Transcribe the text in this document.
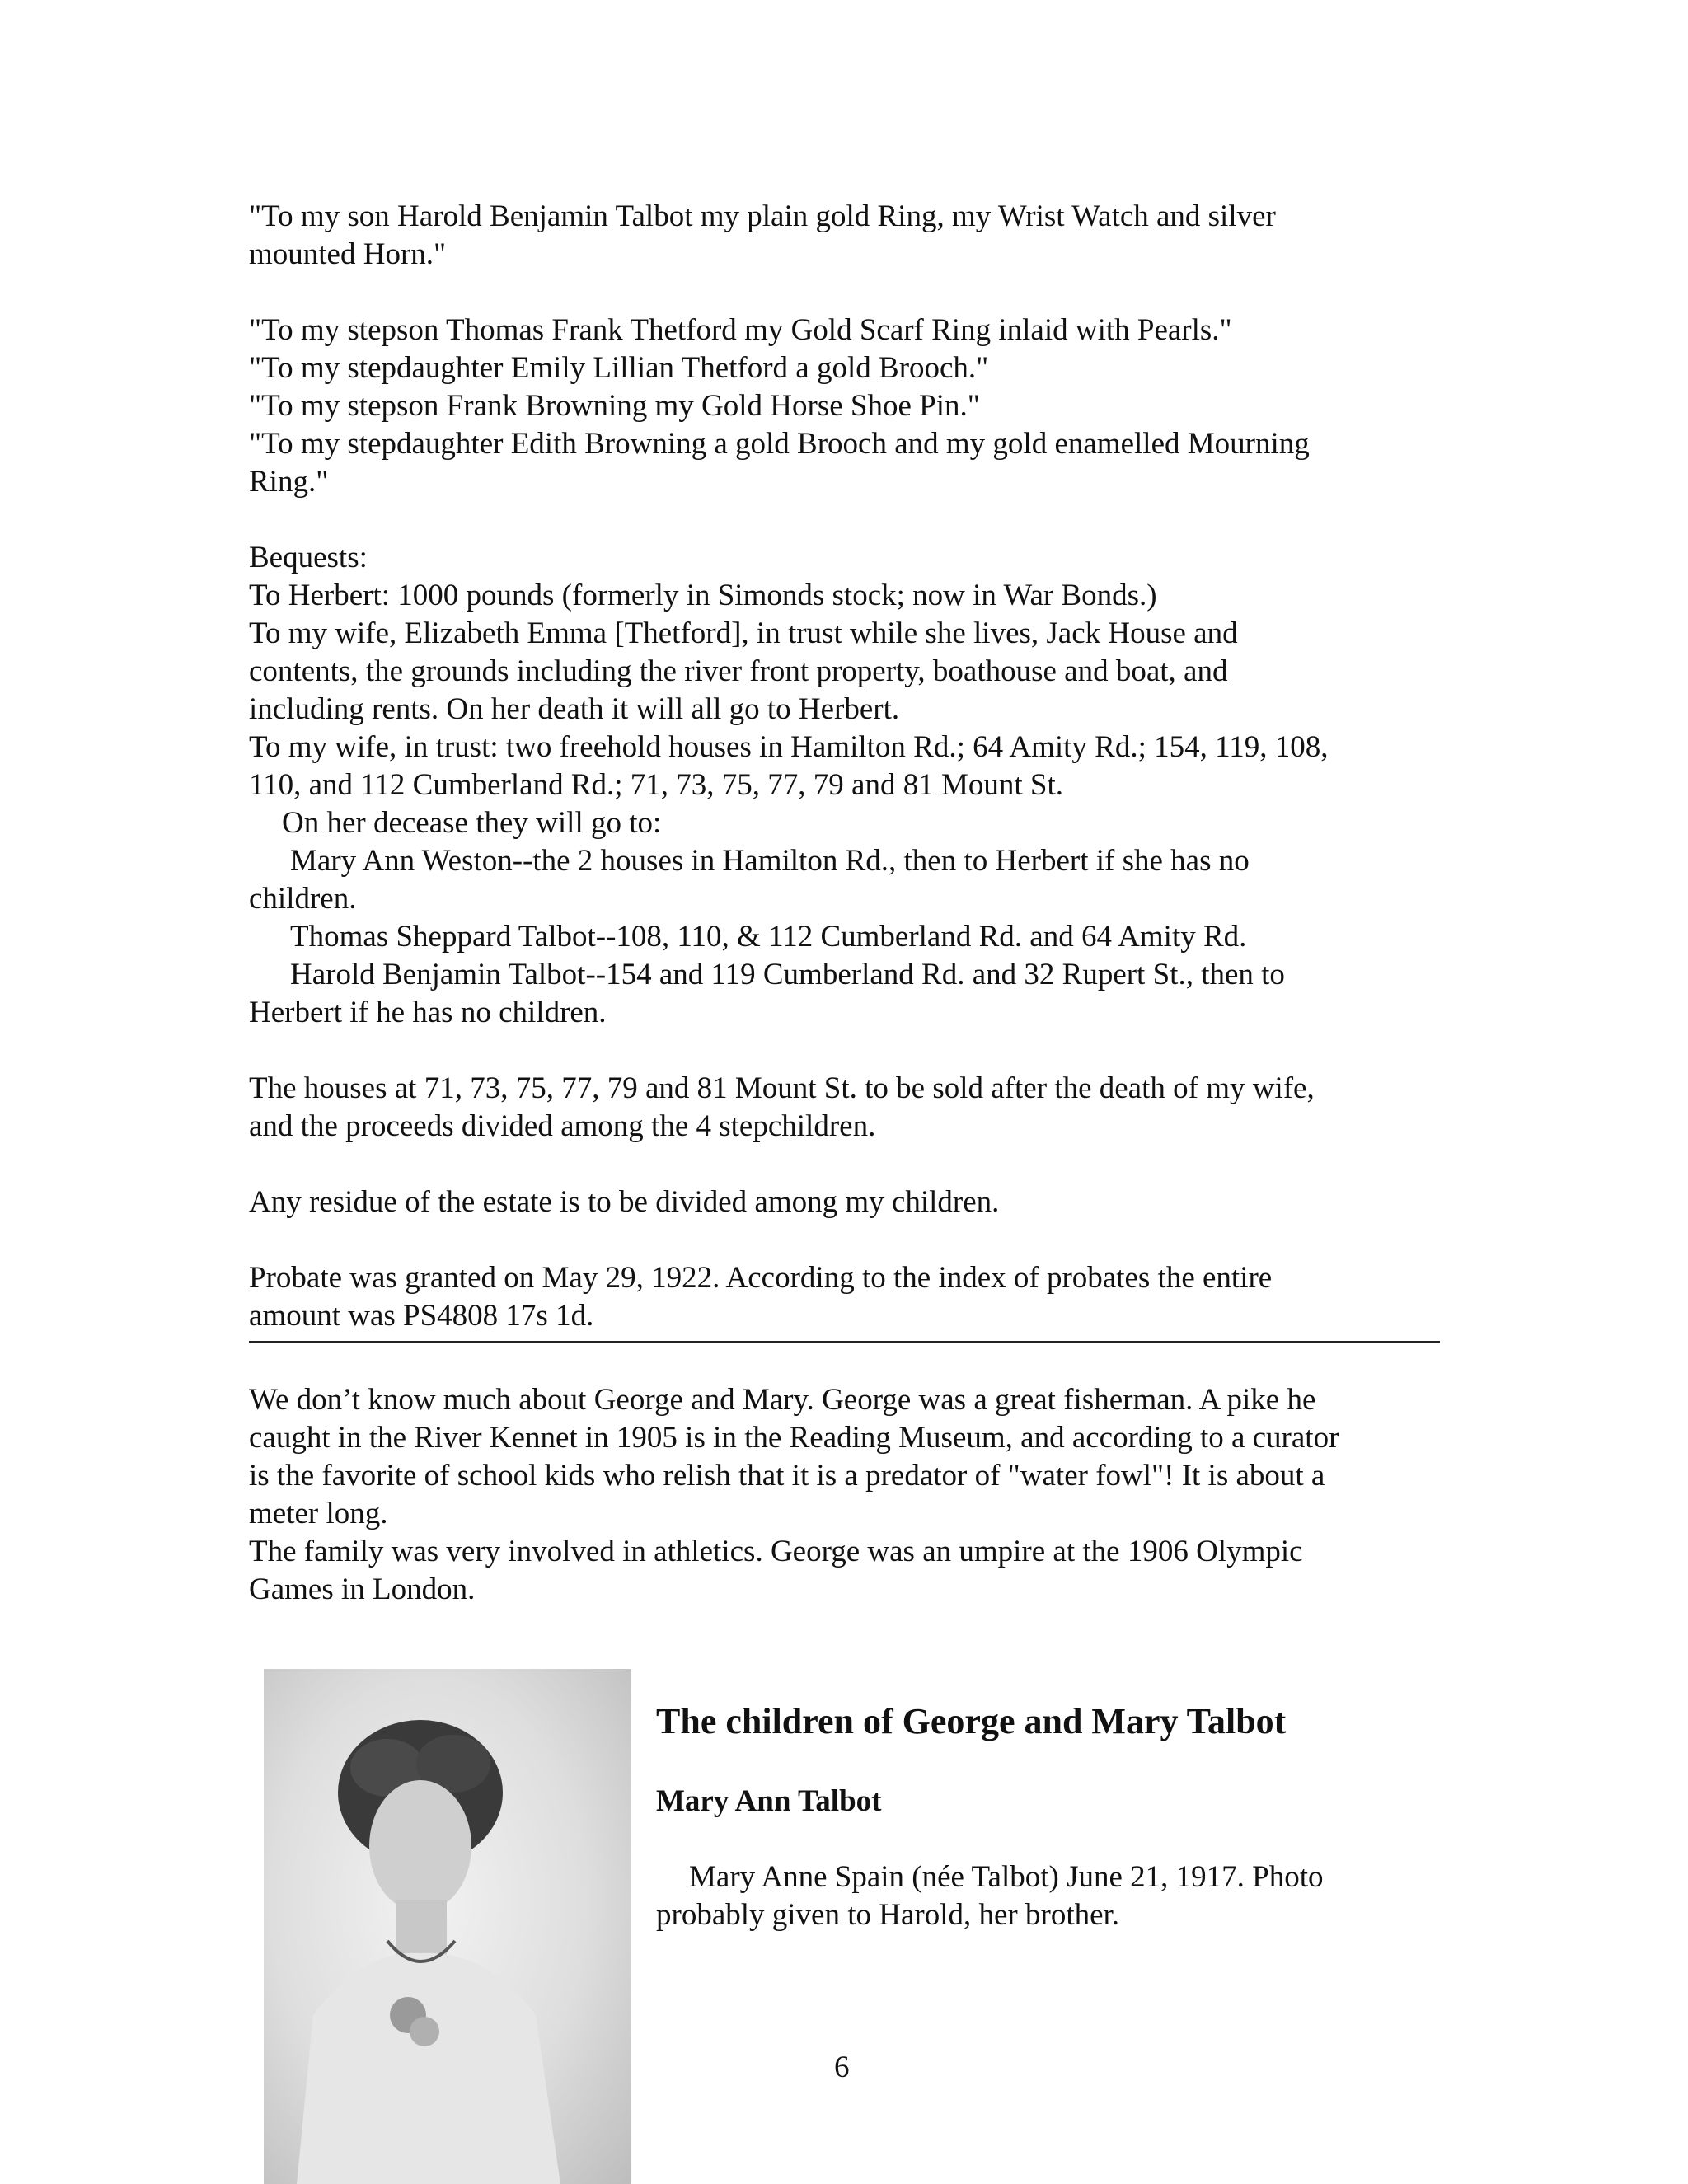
"To my son Harold Benjamin Talbot my plain gold Ring, my Wrist Watch and silver

mounted Horn."

"To my stepson Thomas Frank Thetford my Gold Scarf Ring inlaid with Pearls."

"To my stepdaughter Emily Lillian Thetford a gold Brooch."

"To my stepson Frank Browning my Gold Horse Shoe Pin."

"To my stepdaughter Edith Browning a gold Brooch and my gold enamelled Mourning

Ring."

Bequests:

To Herbert: 1000 pounds (formerly in Simonds stock; now in War Bonds.)

To my wife, Elizabeth Emma [Thetford], in trust while she lives, Jack House and

contents, the grounds including the river front property, boathouse and boat, and

including rents. On her death it will all go to Herbert.

To my wife, in trust: two freehold houses in Hamilton Rd.; 64 Amity Rd.; 154, 119, 108,

110, and 112 Cumberland Rd.; 71, 73, 75, 77, 79 and 81 Mount St.

On her decease they will go to:

Mary Ann Weston--the 2 houses in Hamilton Rd., then to Herbert if she has no

children.

Thomas Sheppard Talbot--108, 110, & 112 Cumberland Rd. and 64 Amity Rd.

Harold Benjamin Talbot--154 and 119 Cumberland Rd. and 32 Rupert St., then to

Herbert if he has no children.

The houses at 71, 73, 75, 77, 79 and 81 Mount St. to be sold after the death of my wife,

and the proceeds divided among the 4 stepchildren.

Any residue of the estate is to be divided among my children.

Probate was granted on May 29, 1922. According to the index of probates the entire

amount was PS4808 17s 1d.

We don’t know much about George and Mary. George was a great fisherman. A pike he

caught in the River Kennet in 1905 is in the Reading Museum, and according to a curator

is the favorite of school kids who relish that it is a predator of "water fowl"! It is about a

meter long.

The family was very involved in athletics. George was an umpire at the 1906 Olympic

Games in London.

The children of George and Mary Talbot
Mary Ann Talbot

Mary Anne Spain (née Talbot) June 21, 1917. Photo

probably given to Harold, her brother.

6
